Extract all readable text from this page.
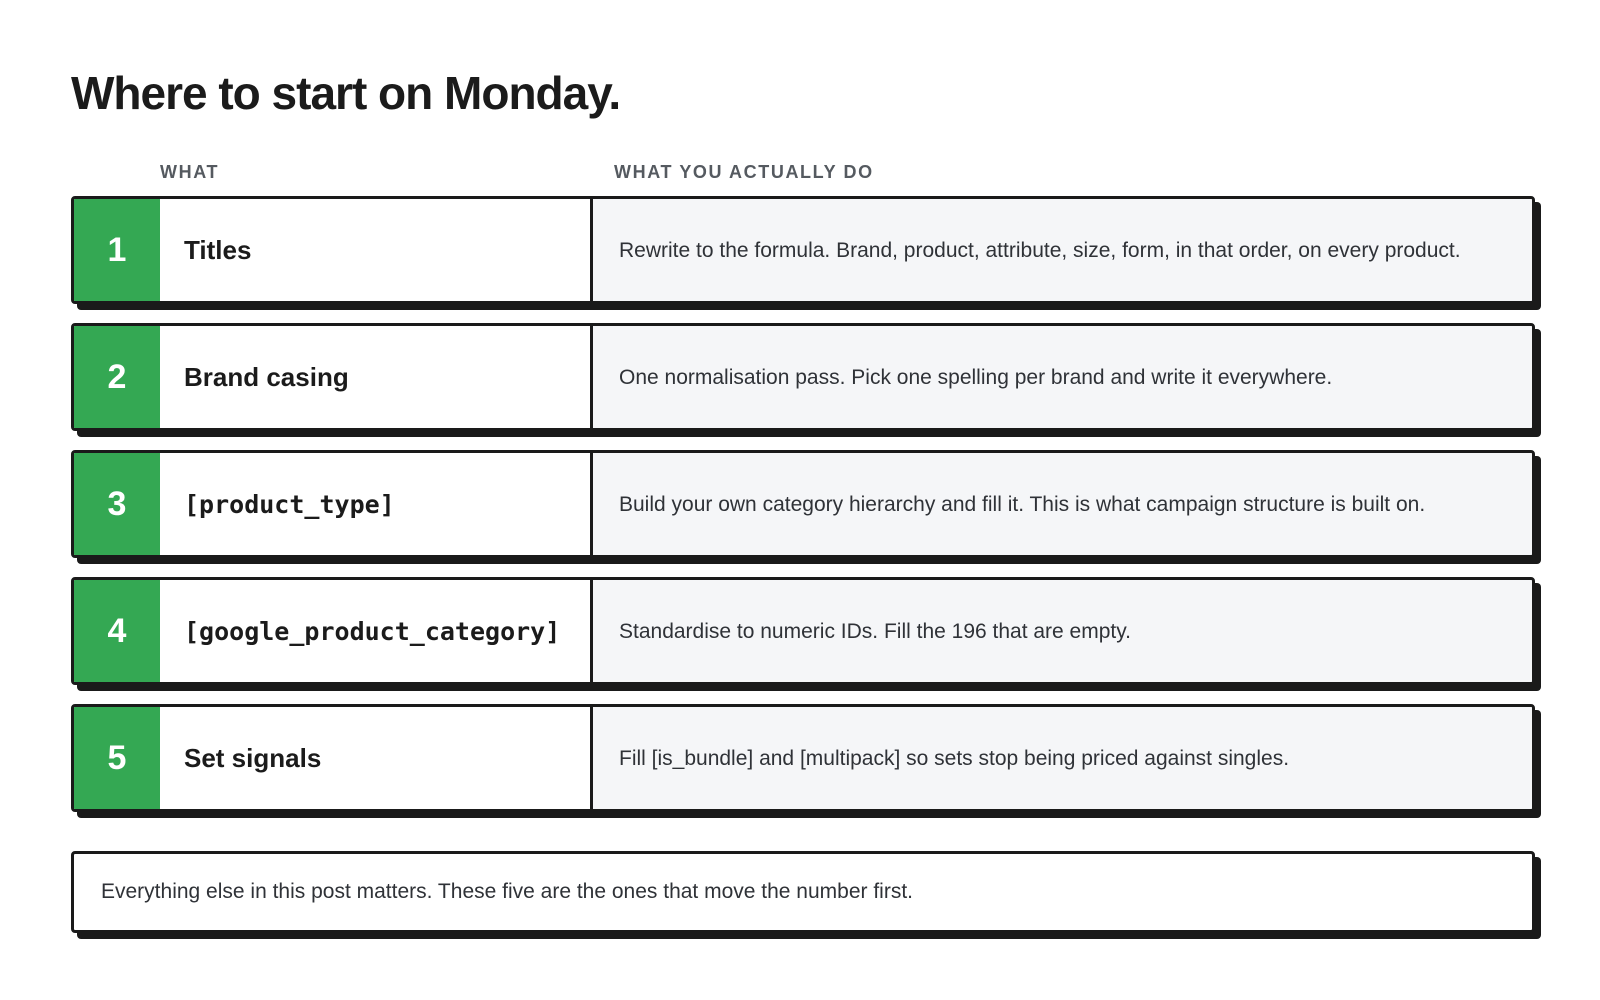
Where to start on Monday.
WHAT	WHAT YOU ACTUALLY DO
1	Titles	Rewrite to the formula. Brand, product, attribute, size, form, in that order, on every product.
2	Brand casing	One normalisation pass. Pick one spelling per brand and write it everywhere.
3	[product_type]	Build your own category hierarchy and fill it. This is what campaign structure is built on.
4	[google_product_category]	Standardise to numeric IDs. Fill the 196 that are empty.
5	Set signals	Fill [is_bundle] and [multipack] so sets stop being priced against singles.
Everything else in this post matters. These five are the ones that move the number first.
